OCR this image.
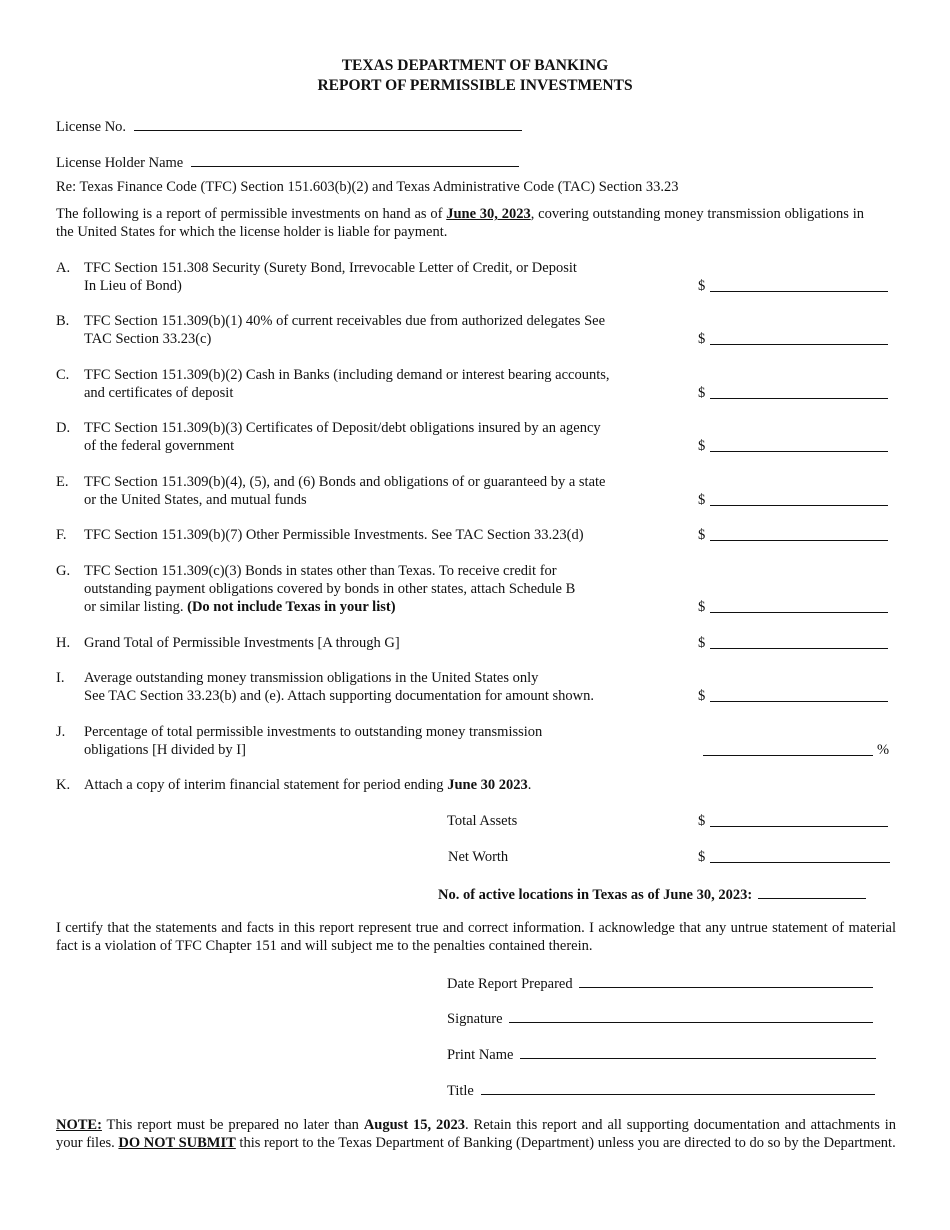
TEXAS DEPARTMENT OF BANKING
REPORT OF PERMISSIBLE INVESTMENTS
License No.
License Holder Name
Re: Texas Finance Code (TFC) Section 151.603(b)(2) and Texas Administrative Code (TAC) Section 33.23
The following is a report of permissible investments on hand as of June 30, 2023, covering outstanding money transmission obligations in the United States for which the license holder is liable for payment.
A. TFC Section 151.308 Security (Surety Bond, Irrevocable Letter of Credit, or Deposit
In Lieu of Bond)	$
B. TFC Section 151.309(b)(1) 40% of current receivables due from authorized delegates See
TAC Section 33.23(c)	$
C. TFC Section 151.309(b)(2) Cash in Banks (including demand or interest bearing accounts,
and certificates of deposit	$
D. TFC Section 151.309(b)(3) Certificates of Deposit/debt obligations insured by an agency
of the federal government	$
E. TFC Section 151.309(b)(4), (5), and (6) Bonds and obligations of or guaranteed by a state
or the United States, and mutual funds	$
F. TFC Section 151.309(b)(7) Other Permissible Investments. See TAC Section 33.23(d)	$
G. TFC Section 151.309(c)(3) Bonds in states other than Texas. To receive credit for
outstanding payment obligations covered by bonds in other states, attach Schedule B
or similar listing. (Do not include Texas in your list)	$
H. Grand Total of Permissible Investments [A through G]	$
I. Average outstanding money transmission obligations in the United States only
See TAC Section 33.23(b) and (e). Attach supporting documentation for amount shown.	$
J. Percentage of total permissible investments to outstanding money transmission
obligations [H divided by I]	%
K. Attach a copy of interim financial statement for period ending June 30 2023.
Total Assets	$
Net Worth	$
No. of active locations in Texas as of June 30, 2023:
I certify that the statements and facts in this report represent true and correct information. I acknowledge that any untrue statement of material fact is a violation of TFC Chapter 151 and will subject me to the penalties contained therein.
Date Report Prepared
Signature
Print Name
Title
NOTE: This report must be prepared no later than August 15, 2023. Retain this report and all supporting documentation and attachments in your files. DO NOT SUBMIT this report to the Texas Department of Banking (Department) unless you are directed to do so by the Department.
